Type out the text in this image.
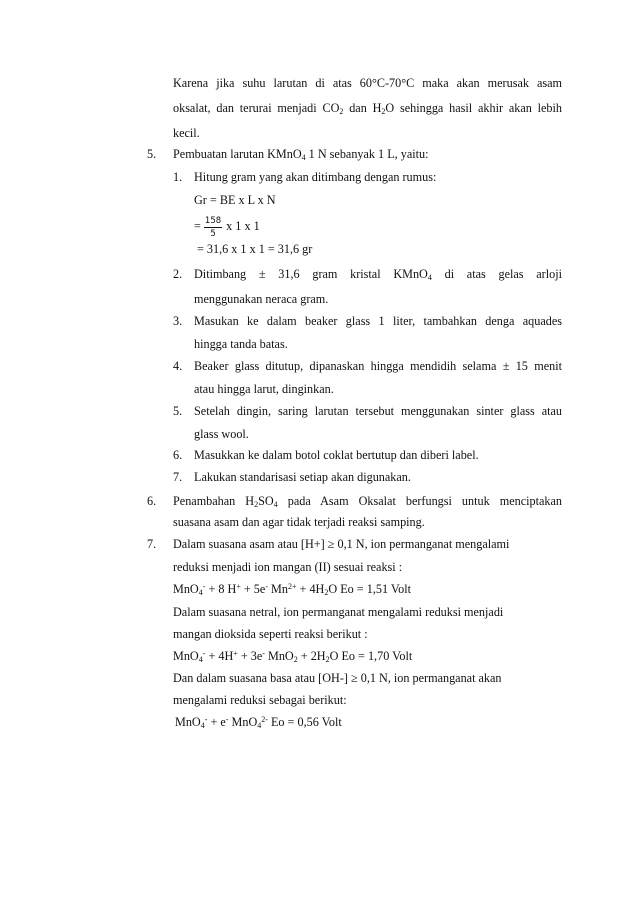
Karena jika suhu larutan di atas 60°C-70°C maka akan merusak asam
oksalat, dan terurai menjadi $CO_2$ dan $H_2O$ sehingga hasil akhir akan lebih
kecil.
5. Pembuatan larutan KMnO$_4$ 1 N sebanyak 1 L, yaitu:
1. Hitung gram yang akan ditimbang dengan rumus:
Gr = BE x L x N
= $\frac{158}{5}$ x 1 x 1
= 31,6 x 1 x 1 = 31,6 gr
2. Ditimbang ± 31,6 gram kristal KMnO$_4$ di atas gelas arloji
menggunakan neraca gram.
3. Masukan ke dalam beaker glass 1 liter, tambahkan denga aquades
hingga tanda batas.
4. Beaker glass ditutup, dipanaskan hingga mendidih selama ± 15 menit
atau hingga larut, dinginkan.
5. Setelah dingin, saring larutan tersebut menggunakan sinter glass atau
glass wool.
6. Masukkan ke dalam botol coklat bertutup dan diberi label.
7. Lakukan standarisasi setiap akan digunakan.
6. Penambahan $H_2SO_4$ pada Asam Oksalat berfungsi untuk menciptakan
suasana asam dan agar tidak terjadi reaksi samping.
7. Dalam suasana asam atau [H+] ≥ 0,1 N, ion permanganat mengalami
reduksi menjadi ion mangan (II) sesuai reaksi :
MnO$_4$- + 8 H+ + 5e- $Mn^{2+} + 4H_2O$ Eo = 1,51 Volt
Dalam suasana netral, ion permanganat mengalami reduksi menjadi
mangan dioksida seperti reaksi berikut :
MnO$_4$- + 4H+ + 3e- $MnO_2 + 2H_2O$ Eo = 1,70 Volt
Dan dalam suasana basa atau [OH-] ≥ 0,1 N, ion permanganat akan
mengalami reduksi sebagai berikut:
MnO$_4$- + e- MnO$_4^{2-}$ Eo = 0,56 Volt
